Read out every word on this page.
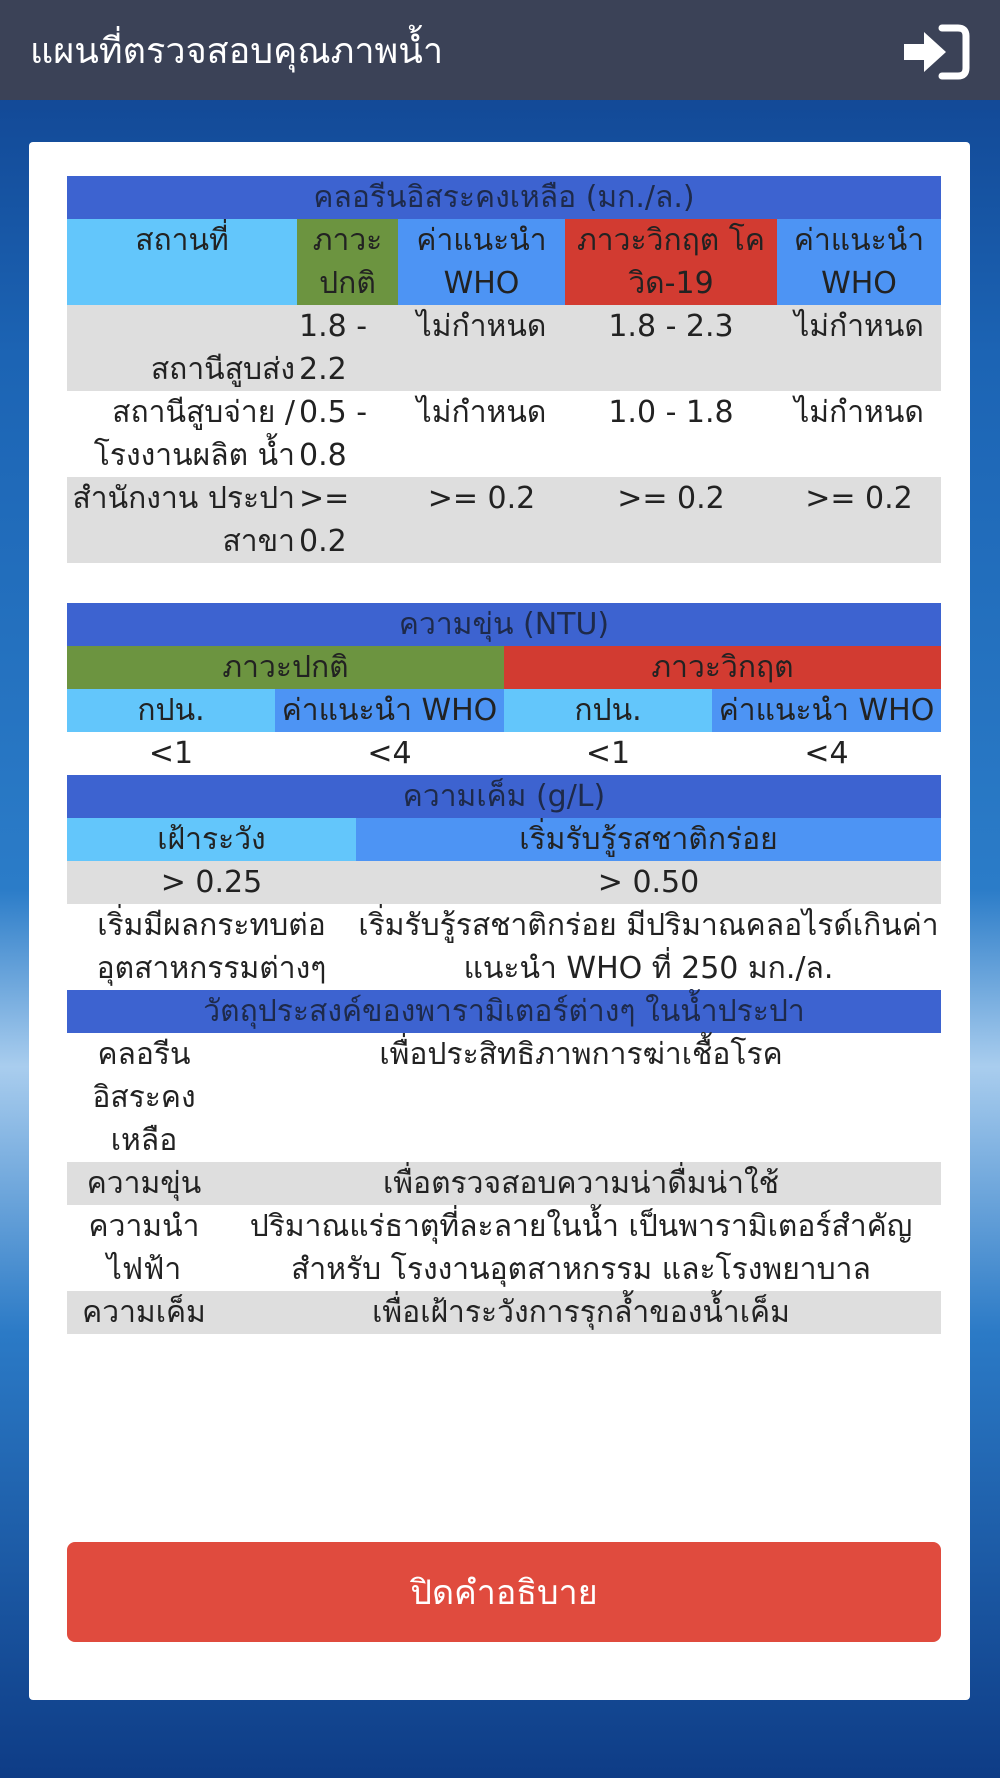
แผนที่ตรวจสอบคุณภาพน้ำ
คลอรีนอิสระคงเหลือ (มก./ล.)				
สถานที่	ภาวะปกติ	ค่าแนะนำ WHO	ภาวะวิกฤต โควิด-19	ค่าแนะนำ WHO
สถานีสูบส่ง	1.8 - 2.2	ไม่กำหนด	1.8 - 2.3	ไม่กำหนด
สถานีสูบจ่าย /โรงงานผลิต น้ำ	0.5 - 0.8	ไม่กำหนด	1.0 - 1.8	ไม่กำหนด
สำนักงาน ประปาสาขา	>= 0.2	>= 0.2	>= 0.2	>= 0.2
ความขุ่น (NTU)			
ภาวะปกติ		ภาวะวิกฤต	
กปน.	ค่าแนะนำ WHO	กปน.	ค่าแนะนำ WHO
<1	<4	<1	<4
ความเค็ม (g/L)	
เฝ้าระวัง	เริ่มรับรู้รสชาติกร่อย
> 0.25	> 0.50
เริ่มมีผลกระทบต่อ อุตสาหกรรมต่างๆ	เริ่มรับรู้รสชาติกร่อย มีปริมาณคลอไรด์เกินค่าแนะนำ WHO ที่ 250 มก./ล.
วัตถุประสงค์ของพารามิเตอร์ต่างๆ ในน้ำประปา	
คลอรีน อิสระคง เหลือ	เพื่อประสิทธิภาพการฆ่าเชื้อโรค
ความขุ่น	เพื่อตรวจสอบความน่าดื่มน่าใช้
ความนำ ไฟฟ้า	ปริมาณแร่ธาตุที่ละลายในน้ำ เป็นพารามิเตอร์สำคัญสำหรับ โรงงานอุตสาหกรรม และโรงพยาบาล
ความเค็ม	เพื่อเฝ้าระวังการรุกล้ำของน้ำเค็ม
ปิดคำอธิบาย
